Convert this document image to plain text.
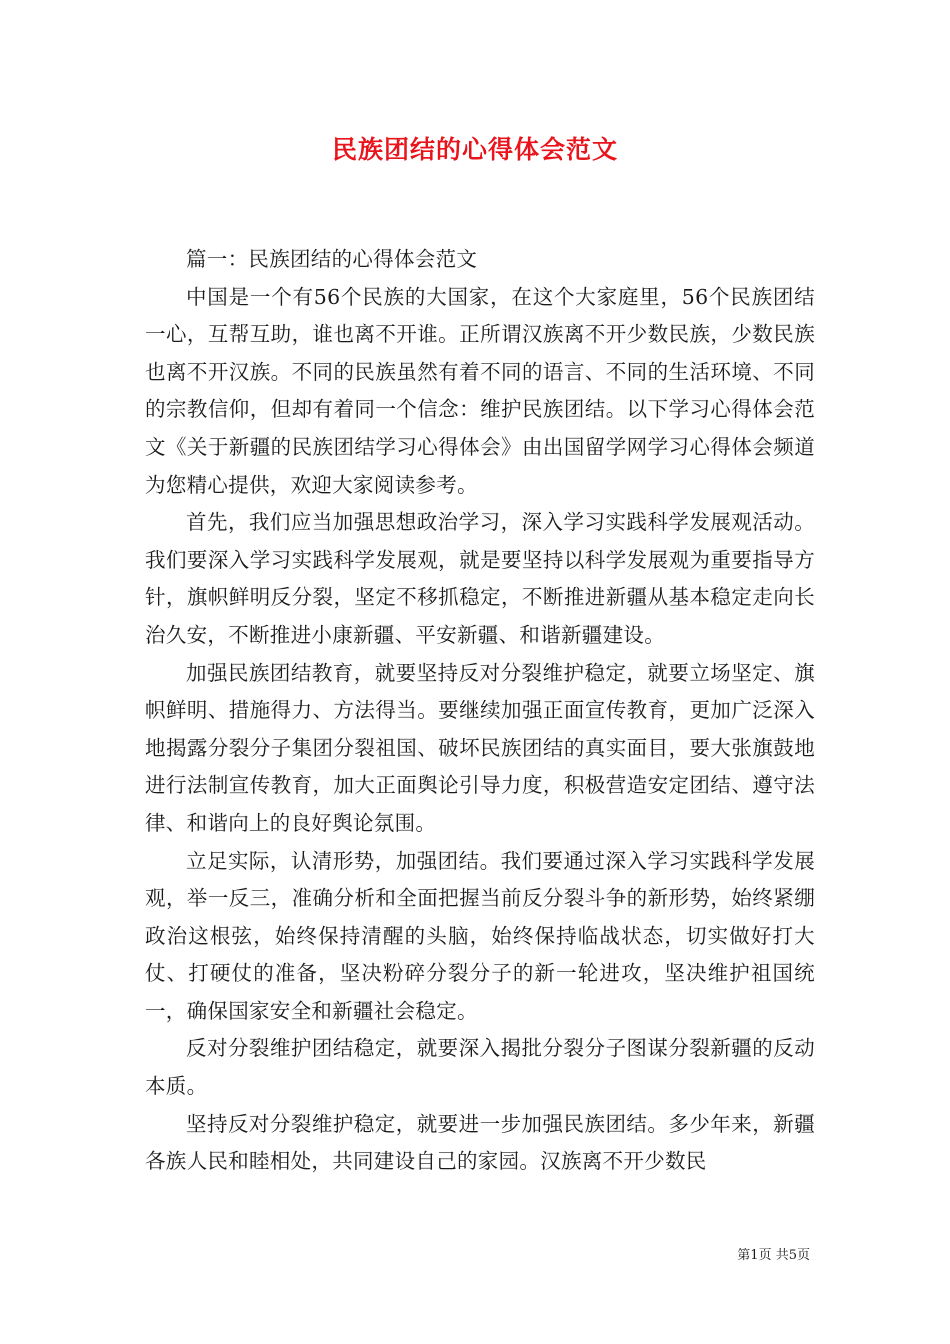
民族团结的心得体会范文

篇一：民族团结的心得体会范文

中国是一个有56个民族的大国家，在这个大家庭里，56个民族团结一心，互帮互助，谁也离不开谁。正所谓汉族离不开少数民族，少数民族也离不开汉族。不同的民族虽然有着不同的语言、不同的生活环境、不同的宗教信仰，但却有着同一个信念：维护民族团结。以下学习心得体会范文《关于新疆的民族团结学习心得体会》由出国留学网学习心得体会频道为您精心提供，欢迎大家阅读参考。

首先，我们应当加强思想政治学习，深入学习实践科学发展观活动。我们要深入学习实践科学发展观，就是要坚持以科学发展观为重要指导方针，旗帜鲜明反分裂，坚定不移抓稳定，不断推进新疆从基本稳定走向长治久安，不断推进小康新疆、平安新疆、和谐新疆建设。

加强民族团结教育，就要坚持反对分裂维护稳定，就要立场坚定、旗帜鲜明、措施得力、方法得当。要继续加强正面宣传教育，更加广泛深入地揭露分裂分子集团分裂祖国、破坏民族团结的真实面目，要大张旗鼓地进行法制宣传教育，加大正面舆论引导力度，积极营造安定团结、遵守法律、和谐向上的良好舆论氛围。

立足实际，认清形势，加强团结。我们要通过深入学习实践科学发展观，举一反三，准确分析和全面把握当前反分裂斗争的新形势，始终紧绷政治这根弦，始终保持清醒的头脑，始终保持临战状态，切实做好打大仗、打硬仗的准备，坚决粉碎分裂分子的新一轮进攻，坚决维护祖国统一，确保国家安全和新疆社会稳定。

反对分裂维护团结稳定，就要深入揭批分裂分子图谋分裂新疆的反动本质。

坚持反对分裂维护稳定，就要进一步加强民族团结。多少年来，新疆各族人民和睦相处，共同建设自己的家园。汉族离不开少数民

第1页 共5页
